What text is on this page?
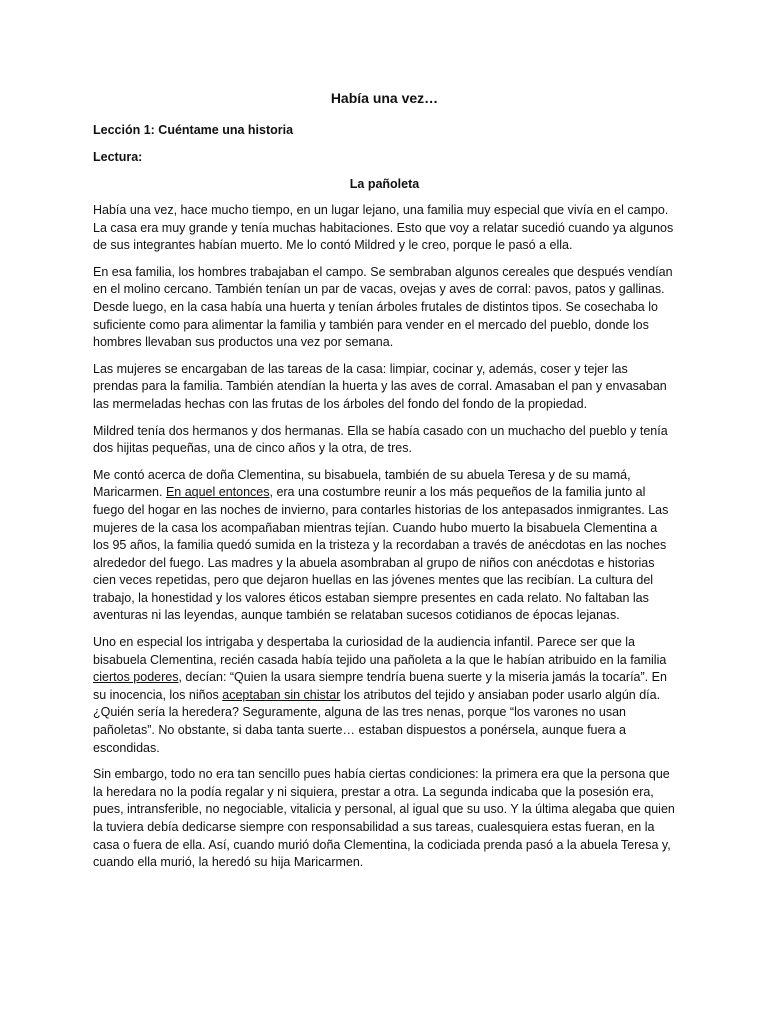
Había una vez…
Lección 1: Cuéntame una historia
Lectura:
La pañoleta

Había una vez, hace mucho tiempo, en un lugar lejano, una familia muy especial que vivía en el campo. La casa era muy grande y tenía muchas habitaciones. Esto que voy a relatar sucedió cuando ya algunos de sus integrantes habían muerto. Me lo contó Mildred y le creo, porque le pasó a ella.

En esa familia, los hombres trabajaban el campo. Se sembraban algunos cereales que después vendían en el molino cercano. También tenían un par de vacas, ovejas y aves de corral: pavos, patos y gallinas. Desde luego, en la casa había una huerta y tenían árboles frutales de distintos tipos. Se cosechaba lo suficiente como para alimentar la familia y también para vender en el mercado del pueblo, donde los hombres llevaban sus productos una vez por semana.

Las mujeres se encargaban de las tareas de la casa: limpiar, cocinar y, además, coser y tejer las prendas para la familia. También atendían la huerta y las aves de corral. Amasaban el pan y envasaban las mermeladas hechas con las frutas de los árboles del fondo del fondo de la propiedad.

Mildred tenía dos hermanos y dos hermanas. Ella se había casado con un muchacho del pueblo y tenía dos hijitas pequeñas, una de cinco años y la otra, de tres.

Me contó acerca de doña Clementina, su bisabuela, también de su abuela Teresa y de su mamá, Maricarmen. En aquel entonces, era una costumbre reunir a los más pequeños de la familia junto al fuego del hogar en las noches de invierno, para contarles historias de los antepasados inmigrantes. Las mujeres de la casa los acompañaban mientras tejían. Cuando hubo muerto la bisabuela Clementina a los 95 años, la familia quedó sumida en la tristeza y la recordaban a través de anécdotas en las noches alrededor del fuego. Las madres y la abuela asombraban al grupo de niños con anécdotas e historias cien veces repetidas, pero que dejaron huellas en las jóvenes mentes que las recibían. La cultura del trabajo, la honestidad y los valores éticos estaban siempre presentes en cada relato. No faltaban las aventuras ni las leyendas, aunque también se relataban sucesos cotidianos de épocas lejanas.

Uno en especial los intrigaba y despertaba la curiosidad de la audiencia infantil. Parece ser que la bisabuela Clementina, recién casada había tejido una pañoleta a la que le habían atribuido en la familia ciertos poderes, decían: “Quien la usara siempre tendría buena suerte y la miseria jamás la tocaría”. En su inocencia, los niños aceptaban sin chistar los atributos del tejido y ansiaban poder usarlo algún día. ¿Quién sería la heredera? Seguramente, alguna de las tres nenas, porque “los varones no usan pañoletas”. No obstante, si daba tanta suerte… estaban dispuestos a ponérsela, aunque fuera a escondidas.

Sin embargo, todo no era tan sencillo pues había ciertas condiciones: la primera era que la persona que la heredara no la podía regalar y ni siquiera, prestar a otra. La segunda indicaba que la posesión era, pues, intransferible, no negociable, vitalicia y personal, al igual que su uso. Y la última alegaba que quien la tuviera debía dedicarse siempre con responsabilidad a sus tareas, cualesquiera estas fueran, en la casa o fuera de ella. Así, cuando murió doña Clementina, la codiciada prenda pasó a la abuela Teresa y, cuando ella murió, la heredó su hija Maricarmen.
